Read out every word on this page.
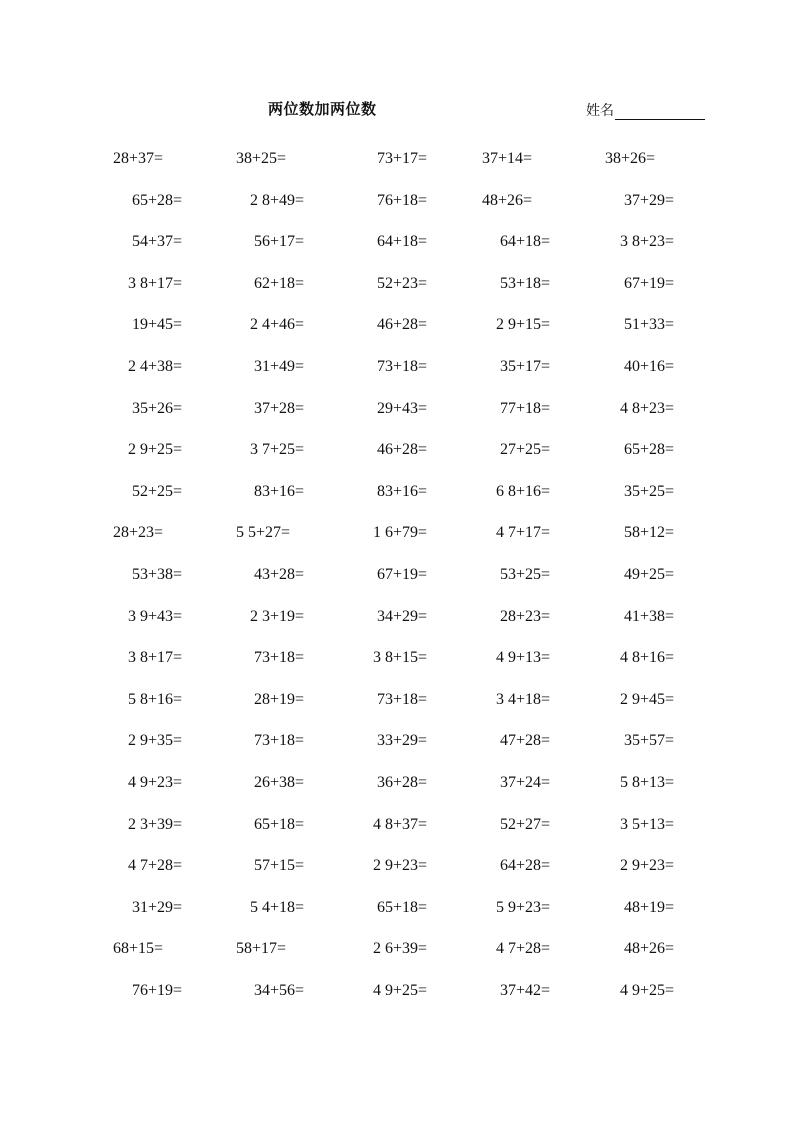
两位数加两位数	姓名
28+37=	38+25=	73+17=	37+14=	38+26=
65+28=	2 8+49=	76+18=	48+26=	37+29=
54+37=	56+17=	64+18=	64+18=	3 8+23=
3 8+17=	62+18=	52+23=	53+18=	67+19=
19+45=	2 4+46=	46+28=	2 9+15=	51+33=
2 4+38=	31+49=	73+18=	35+17=	40+16=
35+26=	37+28=	29+43=	77+18=	4 8+23=
2 9+25=	3 7+25=	46+28=	27+25=	65+28=
52+25=	83+16=	83+16=	6 8+16=	35+25=
28+23=	5 5+27=	1 6+79=	4 7+17=	58+12=
53+38=	43+28=	67+19=	53+25=	49+25=
3 9+43=	2 3+19=	34+29=	28+23=	41+38=
3 8+17=	73+18=	3 8+15=	4 9+13=	4 8+16=
5 8+16=	28+19=	73+18=	3 4+18=	2 9+45=
2 9+35=	73+18=	33+29=	47+28=	35+57=
4 9+23=	26+38=	36+28=	37+24=	5 8+13=
2 3+39=	65+18=	4 8+37=	52+27=	3 5+13=
4 7+28=	57+15=	2 9+23=	64+28=	2 9+23=
31+29=	5 4+18=	65+18=	5 9+23=	48+19=
68+15=	58+17=	2 6+39=	4 7+28=	48+26=
76+19=	34+56=	4 9+25=	37+42=	4 9+25=
